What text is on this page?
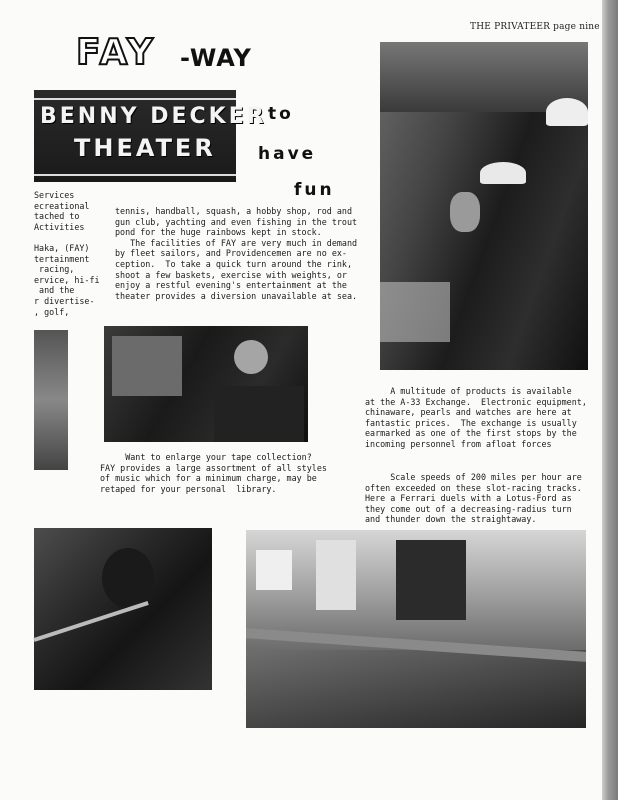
THE PRIVATEER page nine
FAY -WAY
to
have
fun
BENNY DECKER
THEATER
Services
ecreational
tached to
Activities

Haka, (FAY)
tertainment
racing,
ervice, hi-fi
and the
r divertise-
, golf,
tennis, handball, squash, a hobby shop, rod and
gun club, yachting and even fishing in the trout
pond for the huge rainbows kept in stock.
The facilities of FAY are very much in demand
by fleet sailors, and Providencemen are no ex-
ception.  To take a quick turn around the rink,
shoot a few baskets, exercise with weights, or
enjoy a restful evening's entertainment at the
theater provides a diversion unavailable at sea.
Want to enlarge your tape collection?
FAY provides a large assortment of all styles
of music which for a minimum charge, may be
retaped for your personal  library.
A multitude of products is available
at the A-33 Exchange.  Electronic equipment,
chinaware, pearls and watches are here at
fantastic prices.  The exchange is usually
earmarked as one of the first stops by the
incoming personnel from afloat forces
Scale speeds of 200 miles per hour are
often exceeded on these slot-racing tracks.
Here a Ferrari duels with a Lotus-Ford as
they come out of a decreasing-radius turn
and thunder down the straightaway.
